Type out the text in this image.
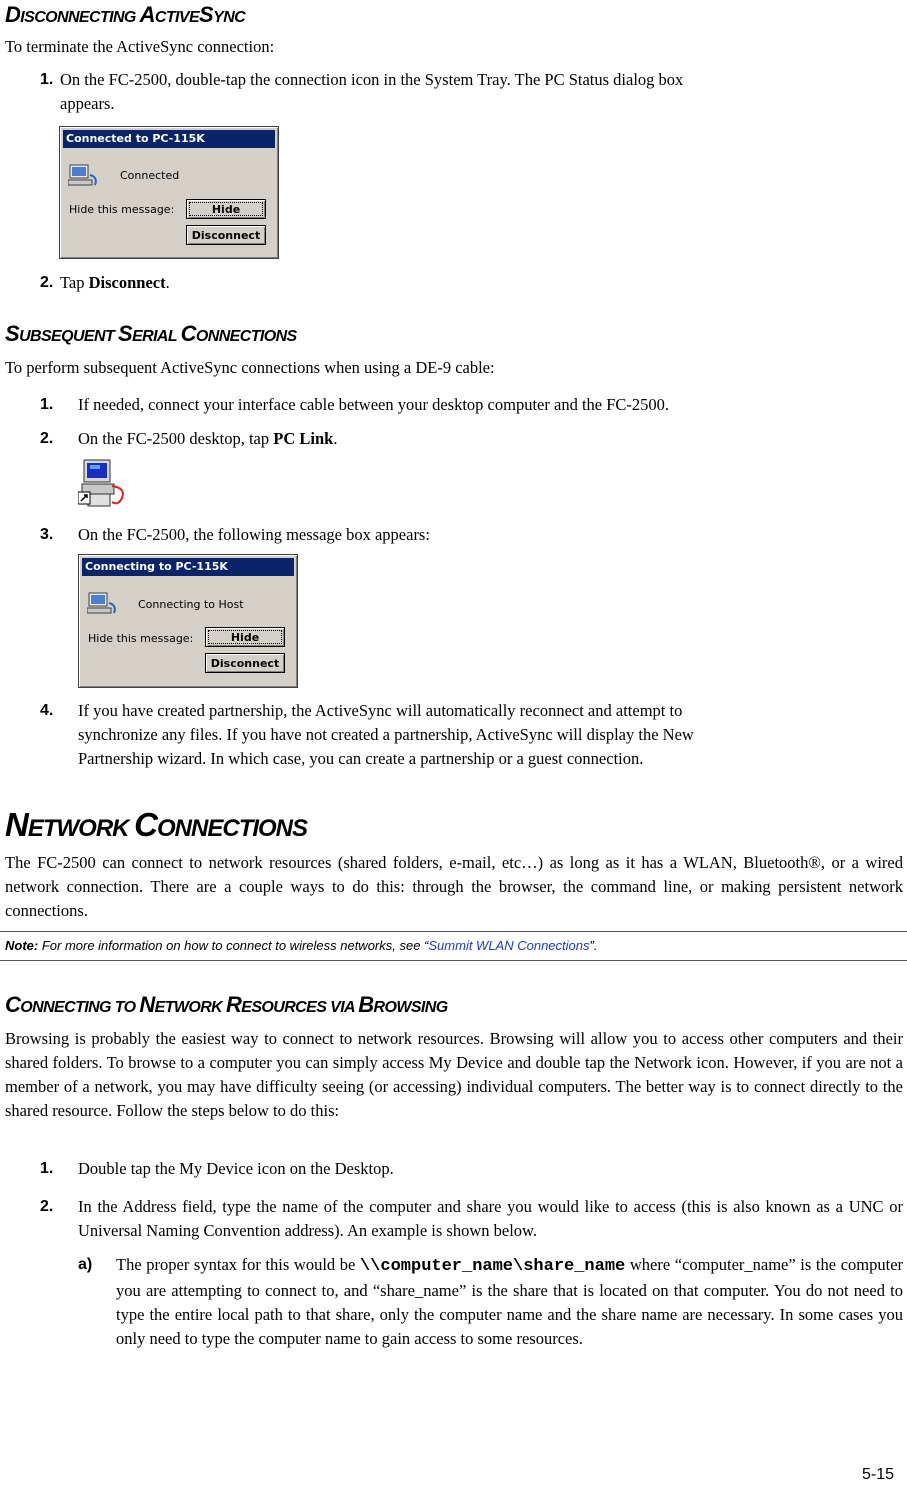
DISCONNECTING ACTIVESYNC
To terminate the ActiveSync connection:
1. On the FC-2500, double-tap the connection icon in the System Tray. The PC Status dialog box
appears.
Connected to PC-115K
Connected
Hide this message:	Hide
Disconnect
2. Tap Disconnect.
SUBSEQUENT SERIAL CONNECTIONS
To perform subsequent ActiveSync connections when using a DE-9 cable:
1. If needed, connect your interface cable between your desktop computer and the FC-2500.
2. On the FC-2500 desktop, tap PC Link.
3. On the FC-2500, the following message box appears:
Connecting to PC-115K
Connecting to Host
Hide this message:	Hide
Disconnect
4. If you have created partnership, the ActiveSync will automatically reconnect and attempt to
synchronize any files. If you have not created a partnership, ActiveSync will display the New
Partnership wizard. In which case, you can create a partnership or a guest connection.
NETWORK CONNECTIONS
The FC-2500 can connect to network resources (shared folders, e-mail, etc…) as long as it has a WLAN, Bluetooth®, or a wired network connection. There are a couple ways to do this: through the browser, the command line, or making persistent network connections.
Note: For more information on how to connect to wireless networks, see “Summit WLAN Connections”.
CONNECTING TO NETWORK RESOURCES VIA BROWSING
Browsing is probably the easiest way to connect to network resources. Browsing will allow you to access other computers and their shared folders. To browse to a computer you can simply access My Device and double tap the Network icon. However, if you are not a member of a network, you may have difficulty seeing (or accessing) individual computers. The better way is to connect directly to the shared resource. Follow the steps below to do this:
1. Double tap the My Device icon on the Desktop.
2. In the Address field, type the name of the computer and share you would like to access (this is also known as a UNC or Universal Naming Convention address). An example is shown below.
a) The proper syntax for this would be \\computer_name\share_name where “computer_name” is the computer you are attempting to connect to, and “share_name” is the share that is located on that computer. You do not need to type the entire local path to that share, only the computer name and the share name are necessary. In some cases you only need to type the computer name to gain access to some resources.
5-15
